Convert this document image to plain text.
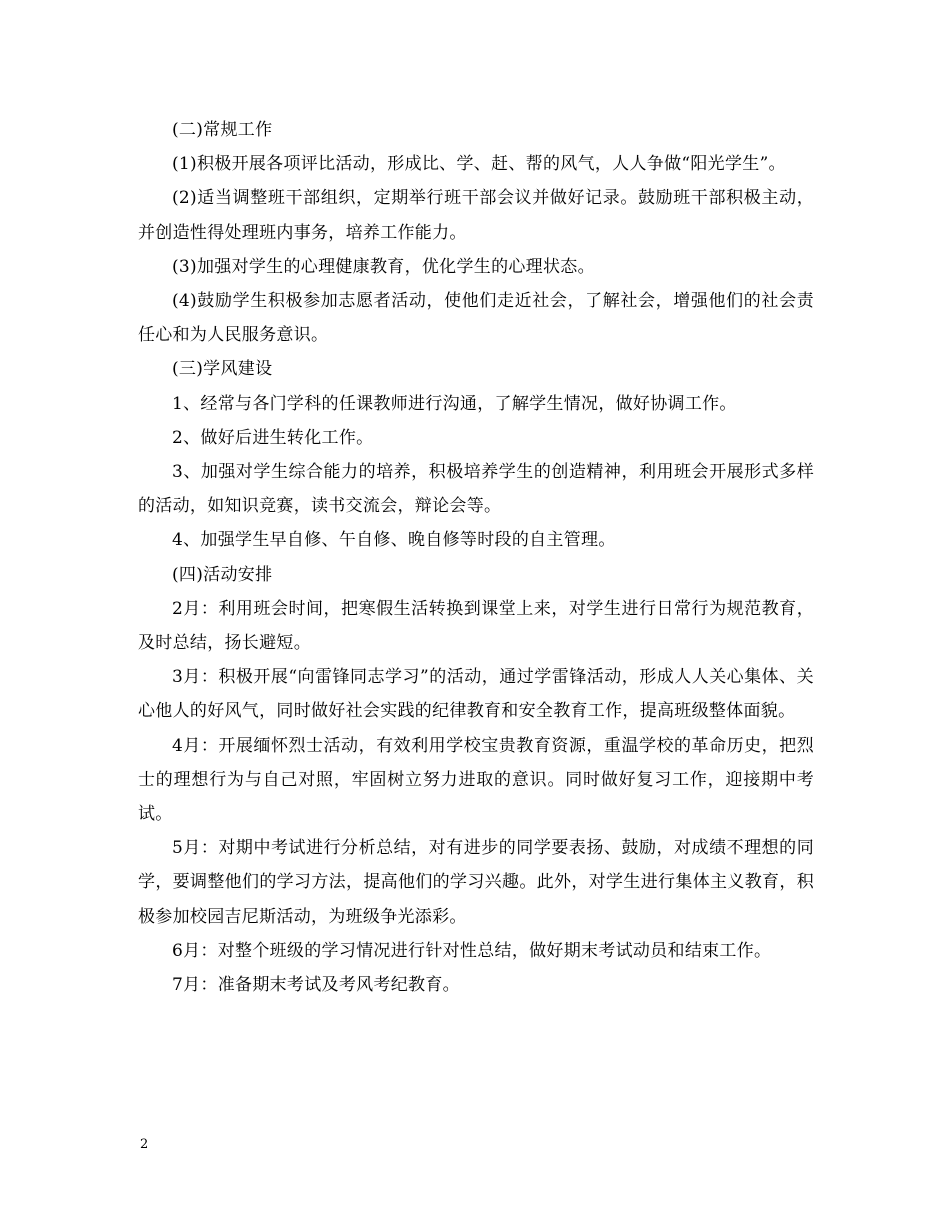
(二)常规工作

(1)积极开展各项评比活动，形成比、学、赶、帮的风气，人人争做“阳光学生”。

(2)适当调整班干部组织，定期举行班干部会议并做好记录。鼓励班干部积极主动，并创造性得处理班内事务，培养工作能力。

(3)加强对学生的心理健康教育，优化学生的心理状态。

(4)鼓励学生积极参加志愿者活动，使他们走近社会，了解社会，增强他们的社会责任心和为人民服务意识。

(三)学风建设

1、经常与各门学科的任课教师进行沟通，了解学生情况，做好协调工作。

2、做好后进生转化工作。

3、加强对学生综合能力的培养，积极培养学生的创造精神，利用班会开展形式多样的活动，如知识竞赛，读书交流会，辩论会等。

4、加强学生早自修、午自修、晚自修等时段的自主管理。

(四)活动安排

2月：利用班会时间，把寒假生活转换到课堂上来，对学生进行日常行为规范教育，及时总结，扬长避短。

3月：积极开展“向雷锋同志学习”的活动，通过学雷锋活动，形成人人关心集体、关心他人的好风气，同时做好社会实践的纪律教育和安全教育工作，提高班级整体面貌。

4月：开展缅怀烈士活动，有效利用学校宝贵教育资源，重温学校的革命历史，把烈士的理想行为与自己对照，牢固树立努力进取的意识。同时做好复习工作，迎接期中考试。

5月：对期中考试进行分析总结，对有进步的同学要表扬、鼓励，对成绩不理想的同学，要调整他们的学习方法，提高他们的学习兴趣。此外，对学生进行集体主义教育，积极参加校园吉尼斯活动，为班级争光添彩。

6月：对整个班级的学习情况进行针对性总结，做好期末考试动员和结束工作。

7月：准备期末考试及考风考纪教育。

2
